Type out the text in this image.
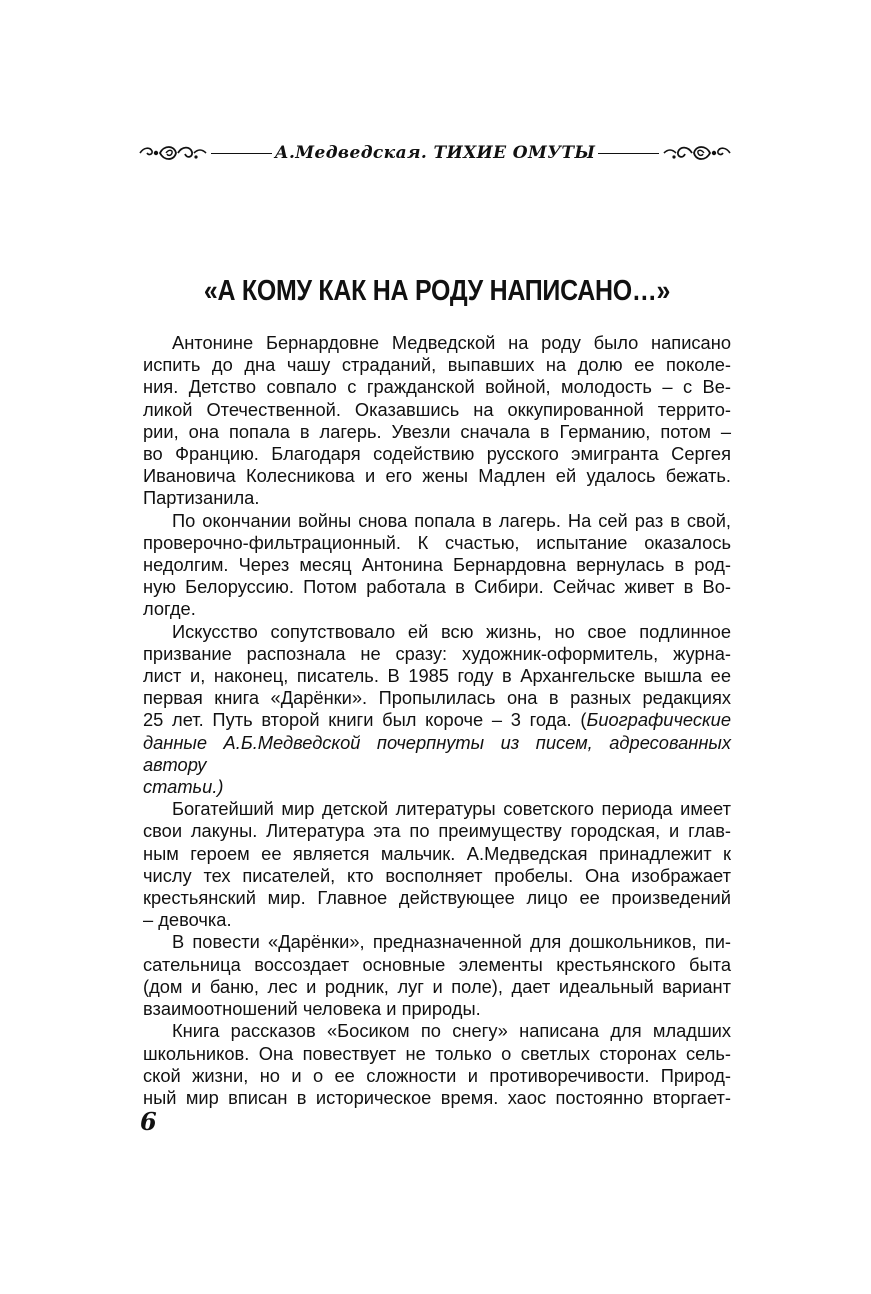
А.Медведская. ТИХИЕ ОМУТЫ
«А КОМУ КАК НА РОДУ НАПИСАНО…»

Антонине Бернардовне Медведской на роду было написано
испить до дна чашу страданий, выпавших на долю ее поколе-
ния. Детство совпало с гражданской войной, молодость – с Ве-
ликой Отечественной. Оказавшись на оккупированной террито-
рии, она попала в лагерь. Увезли сначала в Германию, потом –
во Францию. Благодаря содействию русского эмигранта Сергея
Ивановича Колесникова и его жены Мадлен ей удалось бежать.
Партизанила.

По окончании войны снова попала в лагерь. На сей раз в свой,
проверочно-фильтрационный. К счастью, испытание оказалось
недолгим. Через месяц Антонина Бернардовна вернулась в род-
ную Белоруссию. Потом работала в Сибири. Сейчас живет в Во-
логде.

Искусство сопутствовало ей всю жизнь, но свое подлинное
призвание распознала не сразу: художник-оформитель, журна-
лист и, наконец, писатель. В 1985 году в Архангельске вышла ее
первая книга «Дарёнки». Пропылилась она в разных редакциях
25 лет. Путь второй книги был короче – 3 года. (Биографические
данные А.Б.Медведской почерпнуты из писем, адресованных автору
статьи.)

Богатейший мир детской литературы советского периода имеет
свои лакуны. Литература эта по преимуществу городская, и глав-
ным героем ее является мальчик. А.Медведская принадлежит к
числу тех писателей, кто восполняет пробелы. Она изображает
крестьянский мир. Главное действующее лицо ее произведений
– девочка.

В повести «Дарёнки», предназначенной для дошкольников, пи-
сательница воссоздает основные элементы крестьянского быта
(дом и баню, лес и родник, луг и поле), дает идеальный вариант
взаимоотношений человека и природы.

Книга рассказов «Босиком по снегу» написана для младших
школьников. Она повествует не только о светлых сторонах сель-
ской жизни, но и о ее сложности и противоречивости. Природ-
ный мир вписан в историческое время. хаос постоянно вторгает-

6
